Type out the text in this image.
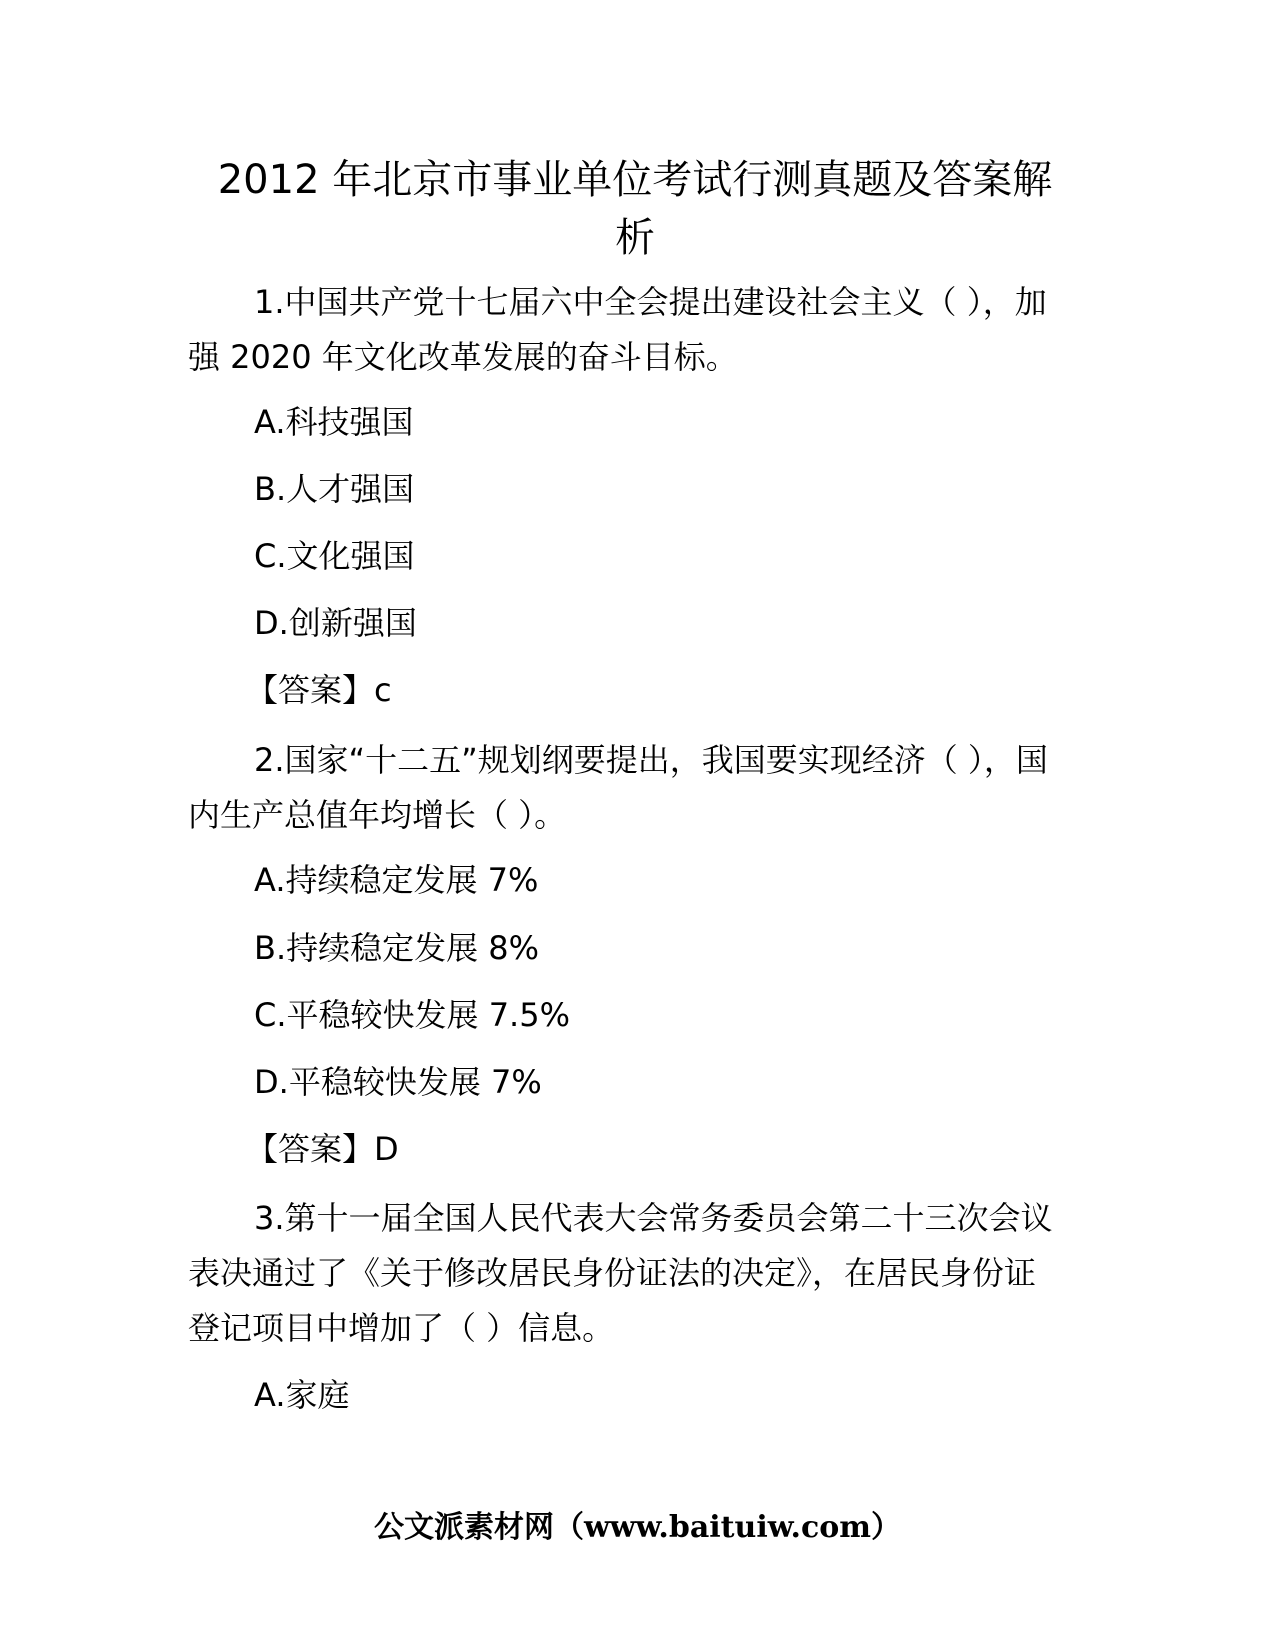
2012 年北京市事业单位考试行测真题及答案解
析
1.中国共产党十七届六中全会提出建设社会主义（ ），加
强 2020 年文化改革发展的奋斗目标。
A.科技强国
B.人才强国
C.文化强国
D.创新强国
【答案】c
2.国家“十二五”规划纲要提出，我国要实现经济（ ），国
内生产总值年均增长（ ）。
A.持续稳定发展 7%
B.持续稳定发展 8%
C.平稳较快发展 7.5%
D.平稳较快发展 7%
【答案】D
3.第十一届全国人民代表大会常务委员会第二十三次会议
表决通过了《关于修改居民身份证法的决定》，在居民身份证
登记项目中增加了（ ）信息。
A.家庭
公文派素材网（www.baituiw.com）
